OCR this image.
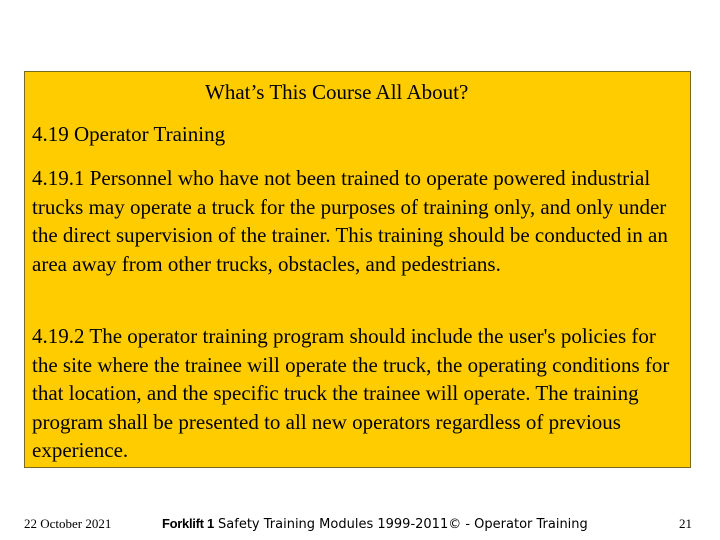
What’s This Course All About?
4.19 Operator Training
4.19.1 Personnel who have not been trained to operate powered industrial trucks may operate a truck for the purposes of training only, and only under the direct supervision of the trainer. This training should be conducted in an area away from other trucks, obstacles, and pedestrians.
4.19.2 The operator training program should include the user's policies for the site where the trainee will operate the truck, the operating conditions for that location, and the specific truck the trainee will operate. The training program shall be presented to all new operators regardless of previous experience.
22 October 2021	Forklift 1 Safety Training Modules 1999-2011© - Operator Training	21
